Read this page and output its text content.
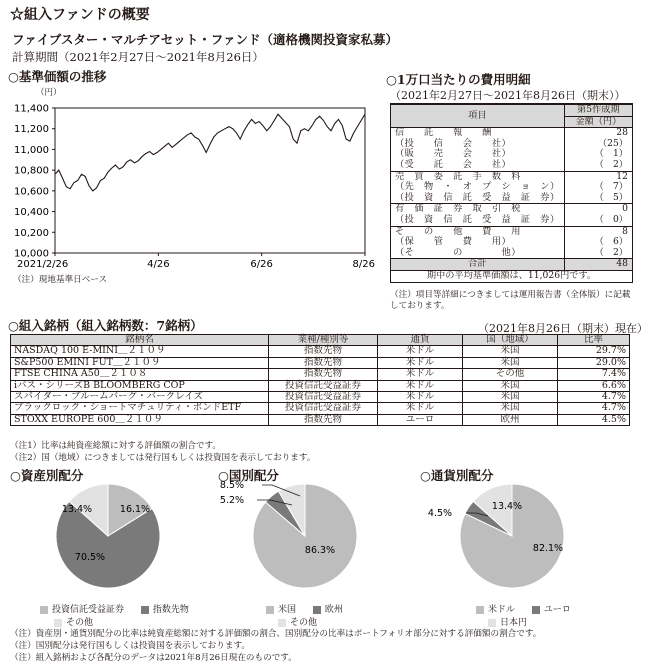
☆組入ファンドの概要
ファイブスター・マルチアセット・ファンド（適格機関投資家私募）
計算期間（2021年2月27日～2021年8月26日）
○基準価額の推移
（円）
11,400
11,200
11,000
10,800
10,600
10,400
10,200
10,000
2021/2/26	4/26	6/26	8/26
（注）現地基準日ベース
○1万口当たりの費用明細
（2021年2月27日～2021年8月26日（期末））
項目	第5作成期
	金額（円）
信　　託　　報　　酬	28
（投　　信　　会　　社）	（25）
（販　　売　　会　　社）	（　1）
（受　　託　　会　　社）	（　2）
売　買　委　託　手　数　料	12
（先　物　・　オ　プ　シ　ョ　ン）	（　7）
（投　資　信　託　受　益　証　券）	（　5）
有　価　証　券　取　引　税	0
（投　資　信　託　受　益　証　券）	（　0）
そ　　の　　他　　費　　用	8
（保　　管　　費　　用）	（　6）
（そ　　　　の　　　　他）	（　2）
合計	48
期中の平均基準価額は、11,026円です。	
（注）項目等詳細につきましては運用報告書（全体版）に記載しております。
○組入銘柄（組入銘柄数：7銘柄）	（2021年8月26日（期末）現在）
銘柄名	業種/種別等	通貨	国（地域）	比率
NASDAQ 100 E-MINI＿２１０９	指数先物	米ドル	米国	29.7%
S&P500 EMINI FUT＿２１０９	指数先物	米ドル	米国	29.0%
FTSE CHINA A50＿２１０８	指数先物	米ドル	その他	7.4%
iパス・シリーズB BLOOMBERG COP	投資信託受益証券	米ドル	米国	6.6%
スパイダー・ブルームバーグ・バークレイズ	投資信託受益証券	米ドル	米国	4.7%
ブラックロック・ショートマチュリティ・ボンドETF	投資信託受益証券	米ドル	米国	4.7%
STOXX EUROPE 600＿２１０９	指数先物	ユーロ	欧州	4.5%
（注1）比率は純資産総額に対する評価額の割合です。
（注2）国（地域）につきましては発行国もしくは投資国を表示しております。
○資産別配分	○国別配分	○通貨別配分
16.1%
70.5%
13.4%
86.3%
5.2%
8.5%
82.1%
4.5%
13.4%
投資信託受益証券	指数先物
その他
米国	欧州
その他
米ドル	ユーロ
日本円
（注）資産別・通貨別配分の比率は純資産総額に対する評価額の割合、国別配分の比率はポートフォリオ部分に対する評価額の割合です。
（注）国別配分は発行国もしくは投資国を表示しております。
（注）組入銘柄および各配分のデータは2021年8月26日現在のものです。
